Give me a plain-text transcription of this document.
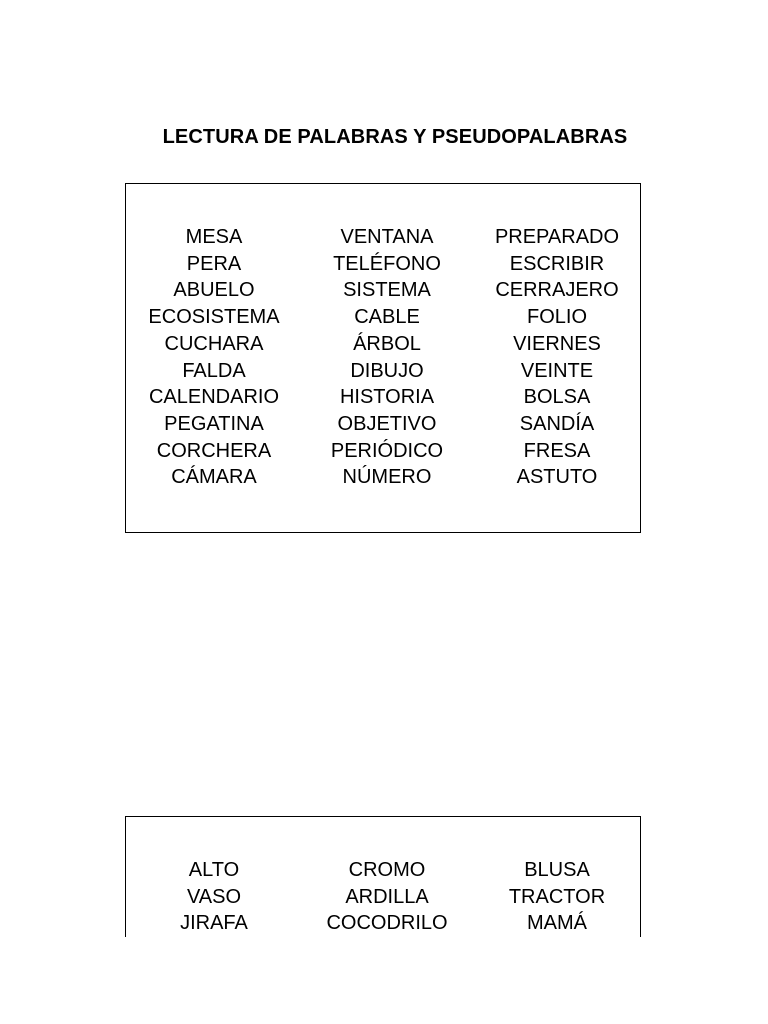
LECTURA DE PALABRAS Y PSEUDOPALABRAS
MESA
PERA
ABUELO
ECOSISTEMA
CUCHARA
FALDA
CALENDARIO
PEGATINA
CORCHERA
CÁMARA
VENTANA
TELÉFONO
SISTEMA
CABLE
ÁRBOL
DIBUJO
HISTORIA
OBJETIVO
PERIÓDICO
NÚMERO
PREPARADO
ESCRIBIR
CERRAJERO
FOLIO
VIERNES
VEINTE
BOLSA
SANDÍA
FRESA
ASTUTO
ALTO
VASO
JIRAFA
CROMO
ARDILLA
COCODRILO
BLUSA
TRACTOR
MAMÁ
